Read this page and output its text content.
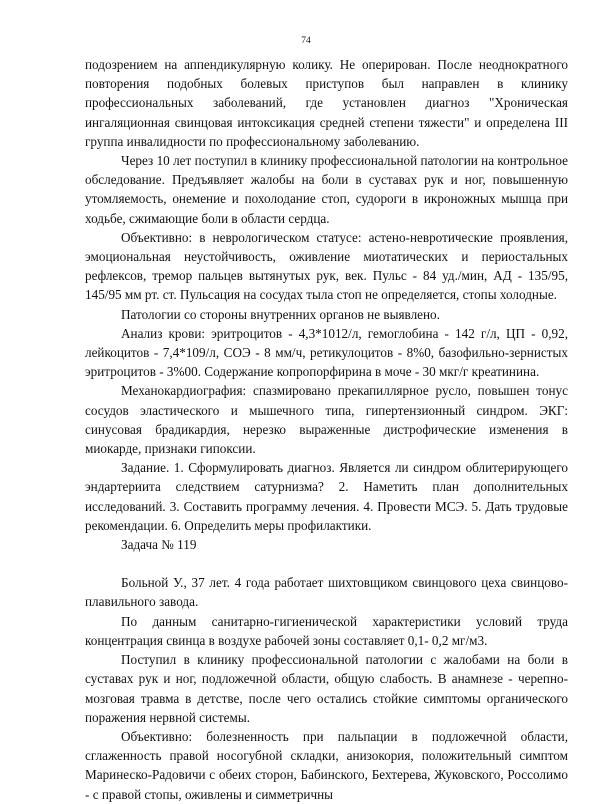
74

подозрением на аппендикулярную колику. Не оперирован. После неоднократного повторения подобных болевых приступов был направлен в клинику профессиональных заболеваний, где установлен диагноз "Хроническая ингаляционная свинцовая интоксикация средней степени тяжести" и определена III группа инвалидности по профессиональному заболеванию.

Через 10 лет поступил в клинику профессиональной патологии на контрольное обследование. Предъявляет жалобы на боли в суставах рук и ног, повышенную утомляемость, онемение и похолодание стоп, судороги в икроножных мышца при ходьбе, сжимающие боли в области сердца.

Объективно: в неврологическом статусе: астено-невротические проявления, эмоциональная неустойчивость, оживление миотатических и периостальных рефлексов, тремор пальцев вытянутых рук, век. Пульс - 84 уд./мин, АД - 135/95, 145/95 мм рт. ст. Пульсация на сосудах тыла стоп не определяется, стопы холодные.

Патологии со стороны внутренних органов не выявлено.

Анализ крови: эритроцитов - 4,3*1012/л, гемоглобина - 142 г/л, ЦП - 0,92, лейкоцитов - 7,4*109/л, СОЭ - 8 мм/ч, ретикулоцитов - 8%0, базофильно-зернистых эритроцитов - 3%00. Содержание копропорфирина в моче - 30 мкг/г креатинина.

Механокардиография: спазмировано прекапиллярное русло, повышен тонус сосудов эластического и мышечного типа, гипертензионный синдром. ЭКГ: синусовая брадикардия, нерезко выраженные дистрофические изменения в миокарде, признаки гипоксии.

Задание. 1. Сформулировать диагноз. Является ли синдром облитерирующего эндартериита следствием сатурнизма? 2. Наметить план дополнительных исследований. 3. Составить программу лечения. 4. Провести МСЭ. 5. Дать трудовые рекомендации. 6. Определить меры профилактики.

Задача № 119

Больной У., 37 лет. 4 года работает шихтовщиком свинцового цеха свинцово-плавильного завода.

По данным санитарно-гигиенической характеристики условий труда концентрация свинца в воздухе рабочей зоны составляет 0,1- 0,2 мг/м3.

Поступил в клинику профессиональной патологии с жалобами на боли в суставах рук и ног, подложечной области, общую слабость. В анамнезе - черепно-мозговая травма в детстве, после чего остались стойкие симптомы органического поражения нервной системы.

Объективно: болезненность при пальпации в подложечной области, сглаженность правой носогубной складки, анизокория, положительный симптом Маринеско-Радовичи с обеих сторон, Бабинского, Бехтерева, Жуковского, Россолимо - с правой стопы, оживлены и симметричны
